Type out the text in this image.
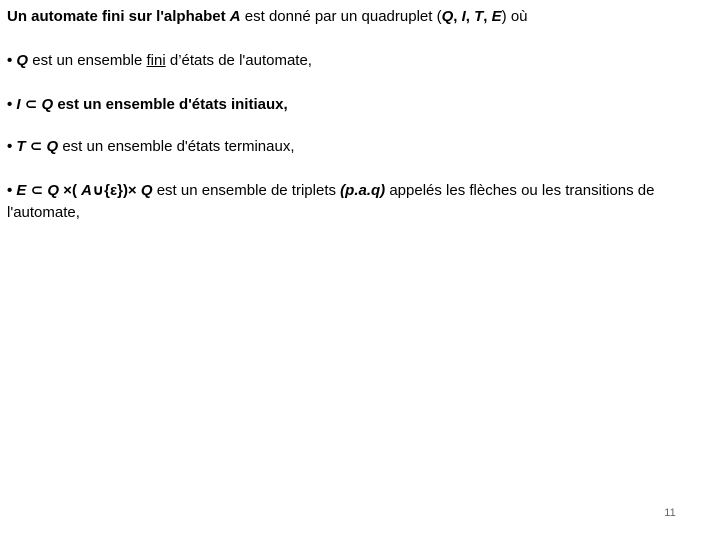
Un automate fini sur l'alphabet A est donné par un quadruplet (Q, I, T, E) où
• Q est un ensemble fini d’états de l'automate,
• I ⊂ Q est un ensemble d'états initiaux,
• T ⊂ Q est un ensemble d'états terminaux,
• E ⊂ Q ×( A∪{ε})× Q est un ensemble de triplets (p.a.q) appelés les flèches ou les transitions de l'automate,
11
